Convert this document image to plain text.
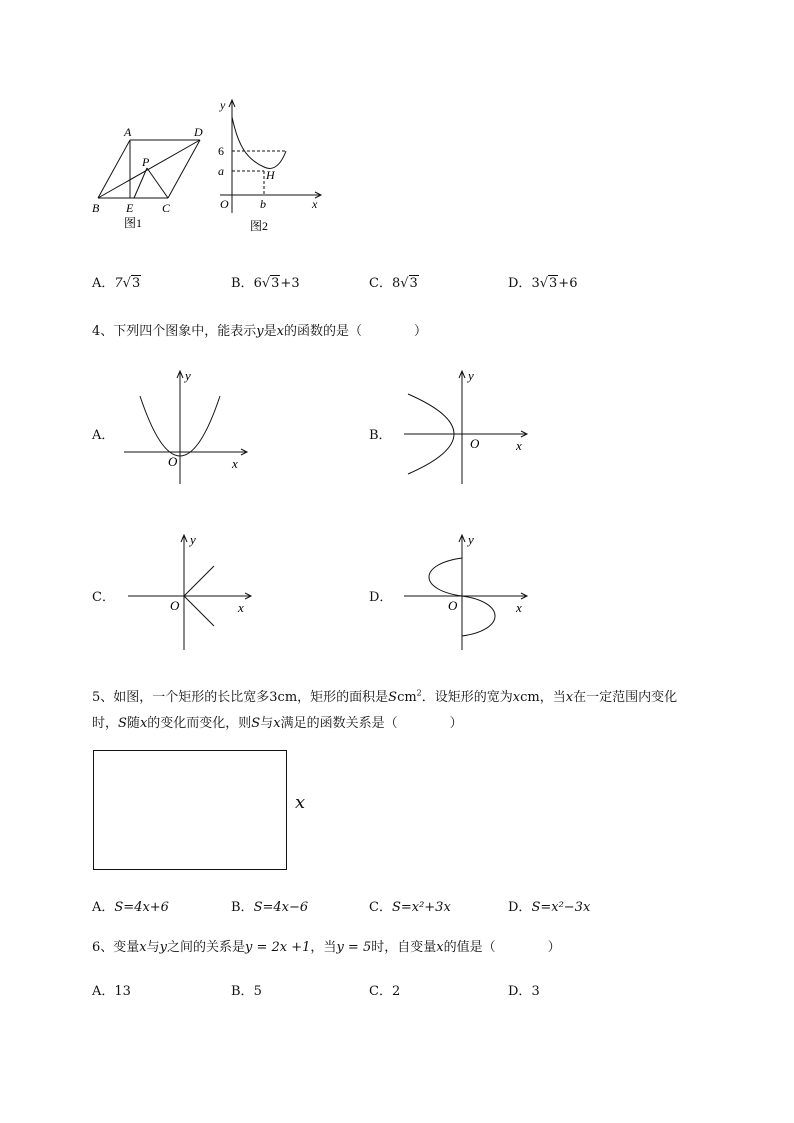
A	D
P
B E C
图1
y
6
a	H
O	b	x
图2
A．7√3	B．6√3+3	C．8√3	D．3√3+6
4、下列四个图象中，能表示y是x的函数的是（　　　　）
A．
y
O	x
B．
y
O	x
C．
y
O	x
D．
y
O	x
5、如图，一个矩形的长比宽多3cm，矩形的面积是Scm$^2$．设矩形的宽为xcm，当x在一定范围内变化
时，S随x的变化而变化，则S与x满足的函数关系是（　　　　）
x
A．S=4x+6	B．S=4x−6	C．S=x²+3x	D．S=x²−3x
6、变量x与y之间的关系是y = 2x +1，当y = 5时，自变量x的值是（　　　　）
A．13	B．5	C．2	D．3
